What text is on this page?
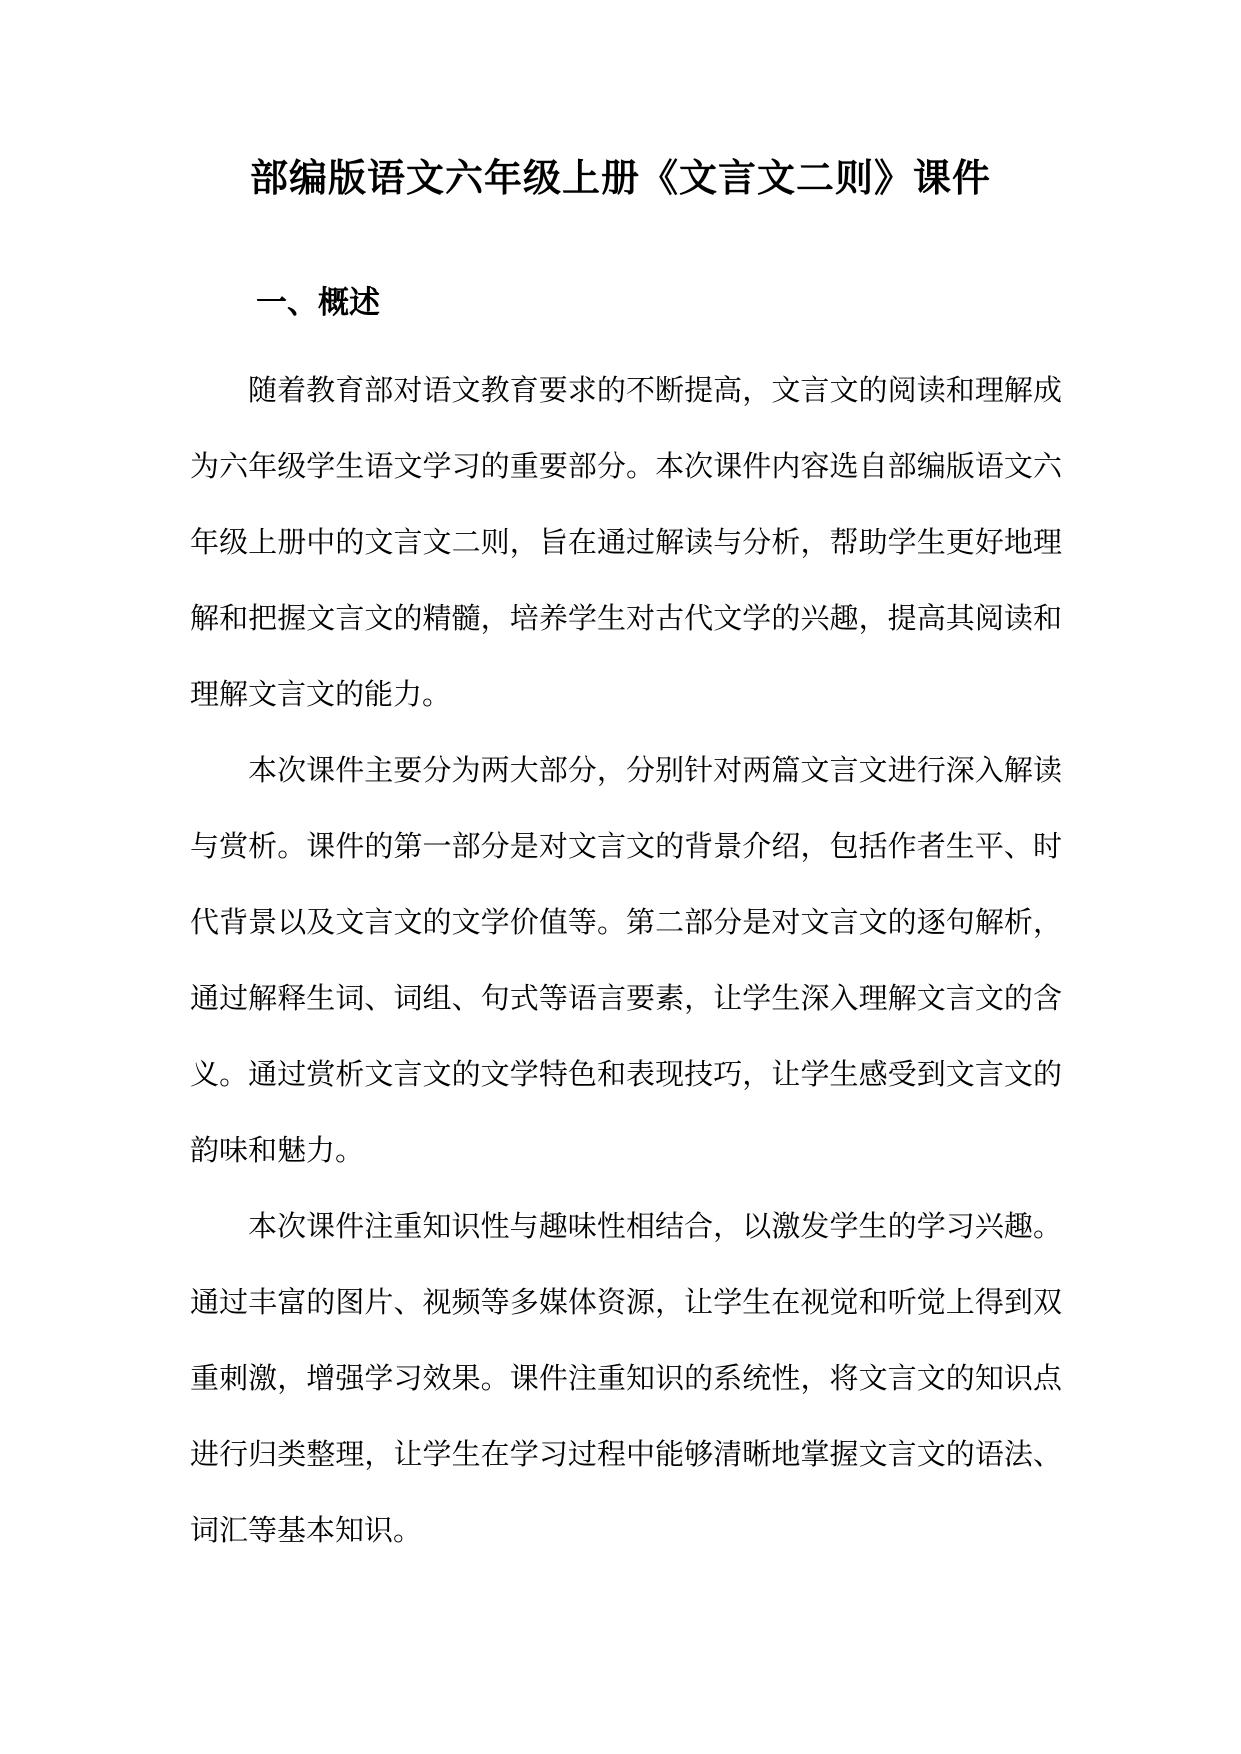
部编版语文六年级上册《文言文二则》课件
一、概述

随着教育部对语文教育要求的不断提高，文言文的阅读和理解成为六年级学生语文学习的重要部分。本次课件内容选自部编版语文六年级上册中的文言文二则，旨在通过解读与分析，帮助学生更好地理解和把握文言文的精髓，培养学生对古代文学的兴趣，提高其阅读和理解文言文的能力。

本次课件主要分为两大部分，分别针对两篇文言文进行深入解读与赏析。课件的第一部分是对文言文的背景介绍，包括作者生平、时代背景以及文言文的文学价值等。第二部分是对文言文的逐句解析，通过解释生词、词组、句式等语言要素，让学生深入理解文言文的含义。通过赏析文言文的文学特色和表现技巧，让学生感受到文言文的韵味和魅力。

本次课件注重知识性与趣味性相结合，以激发学生的学习兴趣。通过丰富的图片、视频等多媒体资源，让学生在视觉和听觉上得到双重刺激，增强学习效果。课件注重知识的系统性，将文言文的知识点进行归类整理，让学生在学习过程中能够清晰地掌握文言文的语法、词汇等基本知识。
